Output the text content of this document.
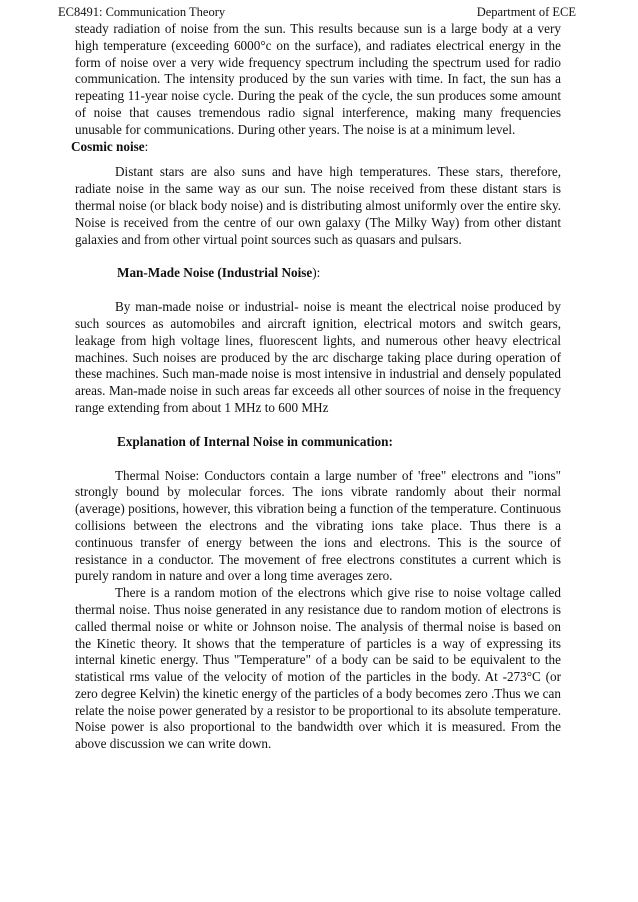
EC8491: Communication Theory	Department of ECE

steady radiation of noise from the sun. This results because sun is a large body at a very high temperature (exceeding 6000°c on the surface), and radiates electrical energy in the form of noise over a very wide frequency spectrum including the spectrum used for radio communication. The intensity produced by the sun varies with time. In fact, the sun has a repeating 11-year noise cycle. During the peak of the cycle, the sun produces some amount of noise that causes tremendous radio signal interference, making many frequencies unusable for communications. During other years. The noise is at a minimum level.

Cosmic noise:

Distant stars are also suns and have high temperatures. These stars, therefore, radiate noise in the same way as our sun. The noise received from these distant stars is thermal noise (or black body noise) and is distributing almost uniformly over the entire sky. Noise is received from the centre of our own galaxy (The Milky Way) from other distant galaxies and from other virtual point sources such as quasars and pulsars.

Man-Made Noise (Industrial Noise):

By man-made noise or industrial- noise is meant the electrical noise produced by such sources as automobiles and aircraft ignition, electrical motors and switch gears, leakage from high voltage lines, fluorescent lights, and numerous other heavy electrical machines. Such noises are produced by the arc discharge taking place during operation of these machines. Such man-made noise is most intensive in industrial and densely populated areas. Man-made noise in such areas far exceeds all other sources of noise in the frequency range extending from about 1 MHz to 600 MHz

Explanation of Internal Noise in communication:

Thermal Noise: Conductors contain a large number of 'free" electrons and "ions" strongly bound by molecular forces. The ions vibrate randomly about their normal (average) positions, however, this vibration being a function of the temperature. Continuous collisions between the electrons and the vibrating ions take place. Thus there is a continuous transfer of energy between the ions and electrons. This is the source of resistance in a conductor. The movement of free electrons constitutes a current which is purely random in nature and over a long time averages zero.

There is a random motion of the electrons which give rise to noise voltage called thermal noise. Thus noise generated in any resistance due to random motion of electrons is called thermal noise or white or Johnson noise. The analysis of thermal noise is based on the Kinetic theory. It shows that the temperature of particles is a way of expressing its internal kinetic energy. Thus "Temperature" of a body can be said to be equivalent to the statistical rms value of the velocity of motion of the particles in the body. At -273°C (or zero degree Kelvin) the kinetic energy of the particles of a body becomes zero .Thus we can relate the noise power generated by a resistor to be proportional to its absolute temperature. Noise power is also proportional to the bandwidth over which it is measured. From the above discussion we can write down.
